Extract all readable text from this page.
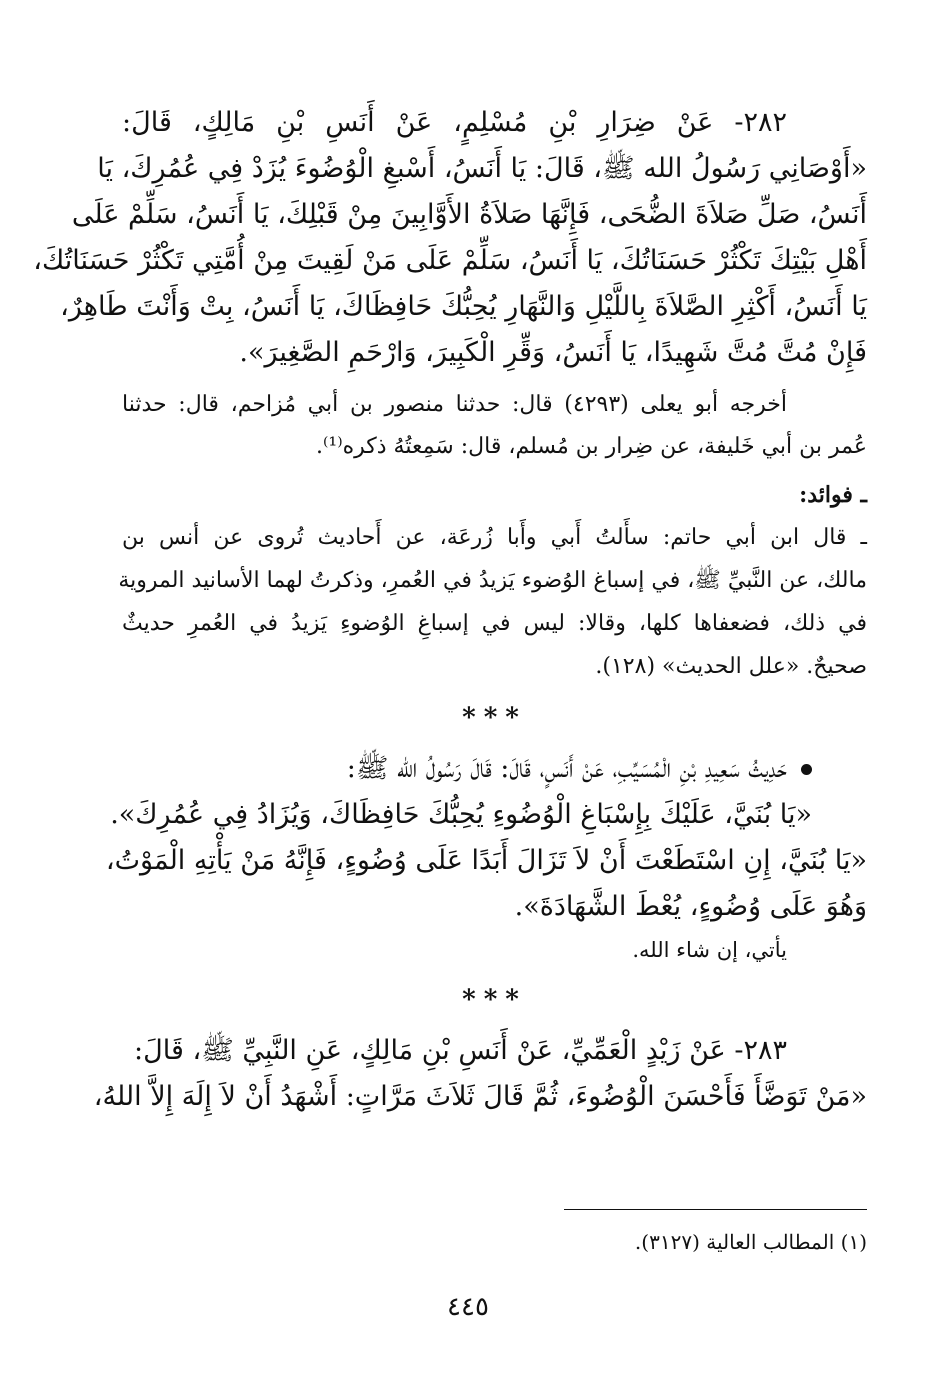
٢٨٢- عَنْ ضِرَارِ بْنِ مُسْلِمٍ، عَنْ أَنَسِ بْنِ مَالِكٍ، قَالَ:
«أَوْصَانِي رَسُولُ الله ﷺ، قَالَ: يَا أَنَسُ، أَسْبغِ الْوُضُوءَ يُزَدْ فِي عُمُرِكَ، يَا
أَنَسُ، صَلِّ صَلاَةَ الضُّحَى، فَإِنَّهَا صَلاَةُ الأَوَّابِينَ مِنْ قَبْلِكَ، يَا أَنَسُ، سَلِّمْ عَلَى
أَهْلِ بَيْتِكَ تَكْثُرْ حَسَنَاتُكَ، يَا أَنَسُ، سَلِّمْ عَلَى مَنْ لَقِيتَ مِنْ أُمَّتِي تَكْثُرْ حَسَنَاتُكَ،
يَا أَنَسُ، أَكْثِرِ الصَّلاَةَ بِاللَّيْلِ وَالنَّهَارِ يُحِبُّكَ حَافِظَاكَ، يَا أَنَسُ، بِتْ وَأَنْتَ طَاهِرٌ،
فَإِنْ مُتَّ مُتَّ شَهِيدًا، يَا أَنَسُ، وَقِّرِ الْكَبِيرَ، وَارْحَمِ الصَّغِيرَ».
أخرجه أبو يعلى (٤٢٩٣) قال: حدثنا منصور بن أبي مُزاحم، قال: حدثنا
عُمر بن أبي خَليفة، عن ضِرار بن مُسلم، قال: سَمِعتُهُ ذكره⁽¹⁾.
ـ فوائد:
ـ قال ابن أبي حاتم: سأَلتُ أَبي وأَبا زُرعَة، عن أَحاديث تُروى عن أنس بن
مالك، عن النَّبيِّ ﷺ، في إسباغ الوُضوء يَزيدُ في العُمرِ، وذكرتُ لهما الأسانيد المروية
في ذلك، فضعفاها كلها، وقالا: ليس في إسباغِ الوُضوءِ يَزيدُ في العُمرِ حديثٌ
صحيحٌ. «علل الحديث» (١٢٨).
***
حَدِيثُ سَعِيدِ بْنِ الْمُسَيِّبِ، عَنْ أَنَسٍ، قَالَ: قَالَ رَسُولُ الله ﷺ:
«يَا بُنَيَّ، عَلَيْكَ بِإِسْبَاغِ الْوُضُوءِ يُحِبُّكَ حَافِظَاكَ، وَيُزَادُ فِي عُمُرِكَ».
«يَا بُنَيَّ، إِنِ اسْتَطَعْتَ أَنْ لاَ تَزَالَ أَبَدًا عَلَى وُضُوءٍ، فَإِنَّهُ مَنْ يَأْتِهِ الْمَوْتُ،
وَهُوَ عَلَى وُضُوءٍ، يُعْطَ الشَّهَادَةَ».
يأتي، إن شاء الله.
***
٢٨٣- عَنْ زَيْدٍ الْعَمِّيِّ، عَنْ أَنَسِ بْنِ مَالِكٍ، عَنِ النَّبِيِّ ﷺ، قَالَ:
«مَنْ تَوَضَّأَ فَأَحْسَنَ الْوُضُوءَ، ثُمَّ قَالَ ثَلاَثَ مَرَّاتٍ: أَشْهَدُ أَنْ لاَ إِلَهَ إِلاَّ اللهُ،
(١) المطالب العالية (٣١٢٧).
٤٤٥
